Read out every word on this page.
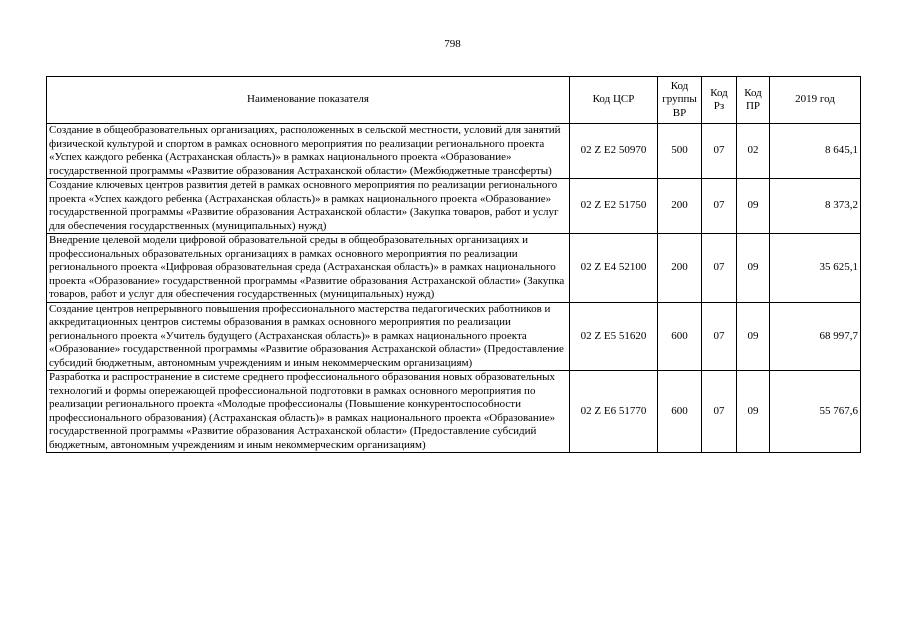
798
Наименование показателя	Код ЦСР	Код группы ВР	Код Рз	Код ПР	2019 год
Создание в общеобразовательных организациях, расположенных в сельской местности, условий для занятий физической культурой и спортом в рамках основного мероприятия по реализации регионального проекта «Успех каждого ребенка (Астраханская область)» в рамках национального проекта «Образование» государственной программы «Развитие образования Астраханской области» (Межбюджетные трансферты)	02 Z E2 50970	500	07	02	8 645,1
Создание ключевых центров развития детей в рамках основного мероприятия по реализации регионального проекта «Успех каждого ребенка (Астраханская область)» в рамках национального проекта «Образование» государственной программы «Развитие образования Астраханской области» (Закупка товаров, работ и услуг для обеспечения государственных (муниципальных) нужд)	02 Z E2 51750	200	07	09	8 373,2
Внедрение целевой модели цифровой образовательной среды в общеобразовательных организациях и профессиональных образовательных организациях в рамках основного мероприятия по реализации регионального проекта «Цифровая образовательная среда (Астраханская область)» в рамках национального проекта «Образование» государственной программы «Развитие образования Астраханской области» (Закупка товаров, работ и услуг для обеспечения государственных (муниципальных) нужд)	02 Z E4 52100	200	07	09	35 625,1
Создание центров непрерывного повышения профессионального мастерства педагогических работников и аккредитационных центров системы образования в рамках основного мероприятия по реализации регионального проекта «Учитель будущего (Астраханская область)» в рамках национального проекта «Образование» государственной программы «Развитие образования Астраханской области» (Предоставление субсидий бюджетным, автономным учреждениям и иным некоммерческим организациям)	02 Z E5 51620	600	07	09	68 997,7
Разработка и распространение в системе среднего профессионального образования новых образовательных технологий и формы опережающей профессиональной подготовки в рамках основного мероприятия по реализации регионального проекта «Молодые профессионалы (Повышение конкурентоспособности профессионального образования) (Астраханская область)» в рамках национального проекта «Образование» государственной программы «Развитие образования Астраханской области» (Предоставление субсидий бюджетным, автономным учреждениям и иным некоммерческим организациям)	02 Z E6 51770	600	07	09	55 767,6
